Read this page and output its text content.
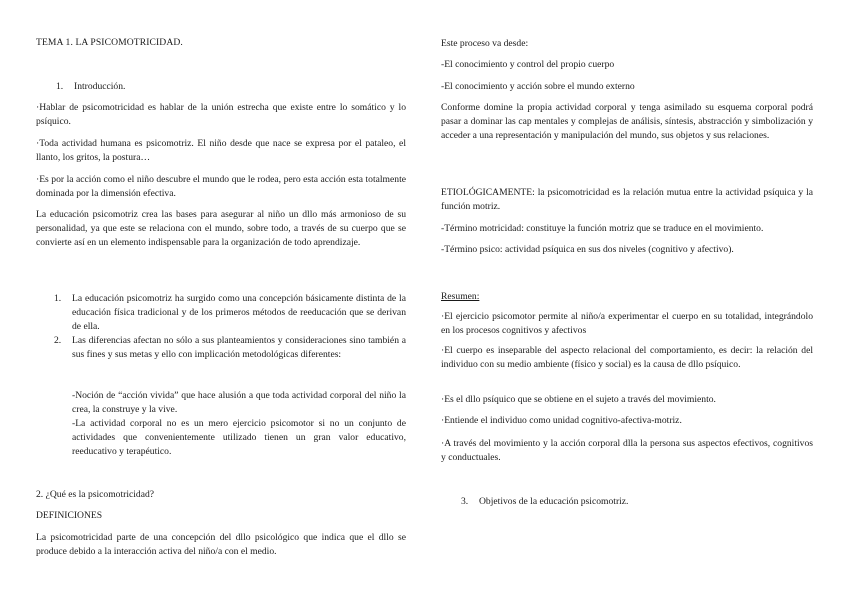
TEMA 1. LA PSICOMOTRICIDAD.

1. Introducción.

·Hablar de psicomotricidad es hablar de la unión estrecha que existe entre lo somático y lo psíquico.

·Toda actividad humana es psicomotriz. El niño desde que nace se expresa por el pataleo, el llanto, los gritos, la postura…

·Es por la acción como el niño descubre el mundo que le rodea, pero esta acción esta totalmente dominada por la dimensión efectiva.

La educación psicomotriz crea las bases para asegurar al niño un dllo más armonioso de su personalidad, ya que este se relaciona con el mundo, sobre todo, a través de su cuerpo que se convierte así en un elemento indispensable para la organización de todo aprendizaje.

1. La educación psicomotriz ha surgido como una concepción básicamente distinta de la educación física tradicional y de los primeros métodos de reeducación que se derivan de ella.
2. Las diferencias afectan no sólo a sus planteamientos y consideraciones sino también a sus fines y sus metas y ello con implicación metodológicas diferentes:

-Noción de “acción vivida” que hace alusión a que toda actividad corporal del niño la crea, la construye y la vive.

-La actividad corporal no es un mero ejercicio psicomotor si no un conjunto de actividades que convenientemente utilizado tienen un gran valor educativo, reeducativo y terapéutico.

2. ¿Qué es la psicomotricidad?

DEFINICIONES

La psicomotricidad parte de una concepción del dllo psicológico que indica que el dllo se produce debido a la interacción activa del niño/a con el medio.

Este proceso va desde:

-El conocimiento y control del propio cuerpo

-El conocimiento y acción sobre el mundo externo

Conforme domine la propia actividad corporal y tenga asimilado su esquema corporal podrá pasar a dominar las cap mentales y complejas de análisis, síntesis, abstracción y simbolización y acceder a una representación y manipulación del mundo, sus objetos y sus relaciones.

ETIOLÓGICAMENTE: la psicomotricidad es la relación mutua entre la actividad psíquica y la función motriz.

-Término motricidad: constituye la función motriz que se traduce en el movimiento.

-Término psico: actividad psíquica en sus dos niveles (cognitivo y afectivo).

Resumen:

·El ejercicio psicomotor permite al niño/a experimentar el cuerpo en su totalidad, integrándolo en los procesos cognitivos y afectivos

·El cuerpo es inseparable del aspecto relacional del comportamiento, es decir: la relación del individuo con su medio ambiente (físico y social) es la causa de dllo psíquico.

·Es el dllo psíquico que se obtiene en el sujeto a través del movimiento.

·Entiende el individuo como unidad cognitivo-afectiva-motriz.

·A través del movimiento y la acción corporal dlla la persona sus aspectos efectivos, cognitivos y conductuales.

3. Objetivos de la educación psicomotriz.
